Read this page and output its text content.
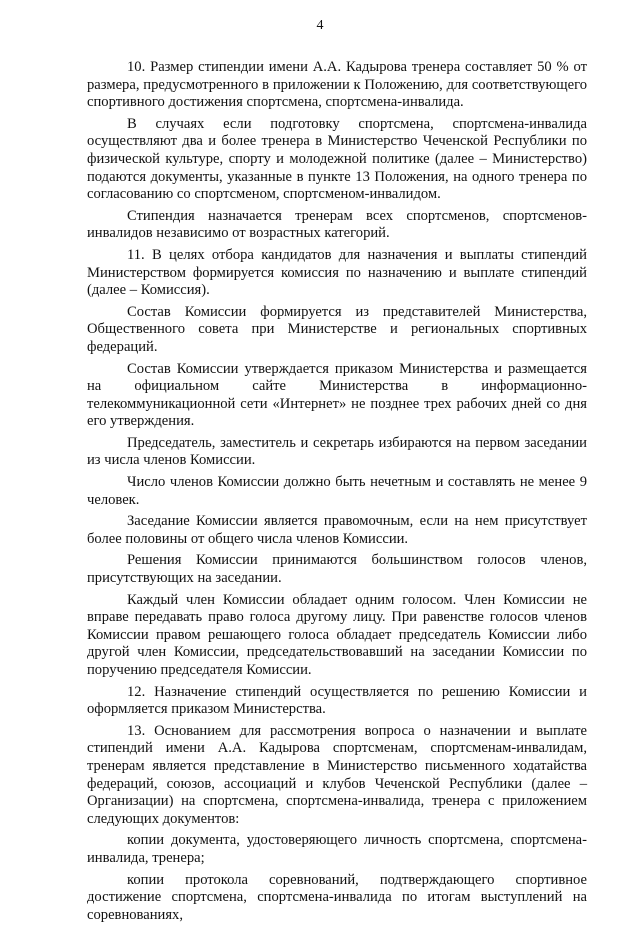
4

10. Размер стипендии имени А.А. Кадырова тренера составляет 50 % от размера, предусмотренного в приложении к Положению, для соответствующего спортивного достижения спортсмена, спортсмена-инвалида.

В случаях если подготовку спортсмена, спортсмена-инвалида осуществляют два и более тренера в Министерство Чеченской Республики по физической культуре, спорту и молодежной политике (далее – Министерство) подаются документы, указанные в пункте 13 Положения, на одного тренера по согласованию со спортсменом, спортсменом-инвалидом.

Стипендия назначается тренерам всех спортсменов, спортсменов-инвалидов независимо от возрастных категорий.

11. В целях отбора кандидатов для назначения и выплаты стипендий Министерством формируется комиссия по назначению и выплате стипендий (далее – Комиссия).

Состав Комиссии формируется из представителей Министерства, Общественного совета при Министерстве и региональных спортивных федераций.

Состав Комиссии утверждается приказом Министерства и размещается на официальном сайте Министерства в информационно-телекоммуникационной сети «Интернет» не позднее трех рабочих дней со дня его утверждения.

Председатель, заместитель и секретарь избираются на первом заседании из числа членов Комиссии.

Число членов Комиссии должно быть нечетным и составлять не менее 9 человек.

Заседание Комиссии является правомочным, если на нем присутствует более половины от общего числа членов Комиссии.

Решения Комиссии принимаются большинством голосов членов, присутствующих на заседании.

Каждый член Комиссии обладает одним голосом. Член Комиссии не вправе передавать право голоса другому лицу. При равенстве голосов членов Комиссии правом решающего голоса обладает председатель Комиссии либо другой член Комиссии, председательствовавший на заседании Комиссии по поручению председателя Комиссии.

12. Назначение стипендий осуществляется по решению Комиссии и оформляется приказом Министерства.

13. Основанием для рассмотрения вопроса о назначении и выплате стипендий имени А.А. Кадырова спортсменам, спортсменам-инвалидам, тренерам является представление в Министерство письменного ходатайства федераций, союзов, ассоциаций и клубов Чеченской Республики (далее – Организации) на спортсмена, спортсмена-инвалида, тренера с приложением следующих документов:

копии документа, удостоверяющего личность спортсмена, спортсмена-инвалида, тренера;

копии протокола соревнований, подтверждающего спортивное достижение спортсмена, спортсмена-инвалида по итогам выступлений на соревнованиях,
